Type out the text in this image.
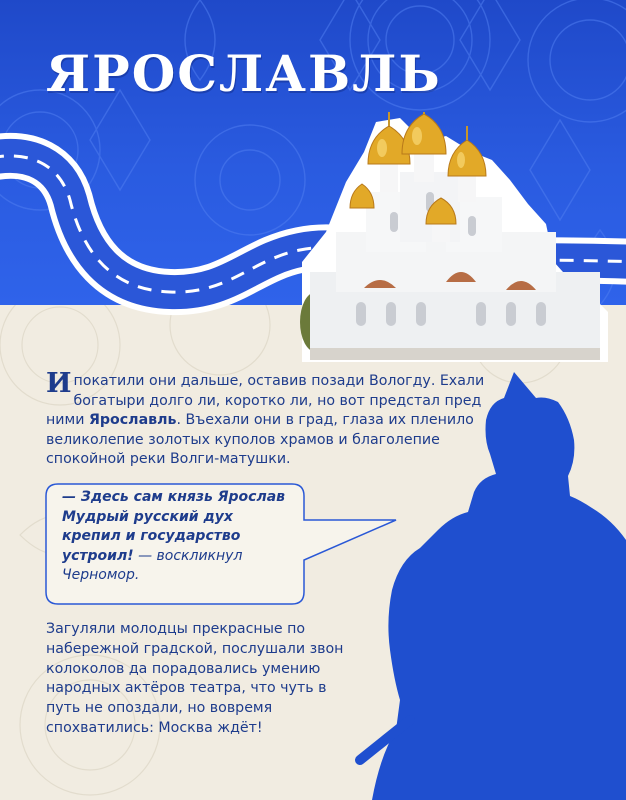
ЯРОСЛАВЛЬ

И покатили они дальше, оставив позади Вологду. Ехали богатыри долго ли, коротко ли, но вот предстал пред ними Ярославль. Въехали они в град, глаза их пленило великолепие золотых куполов храмов и благолепие спокойной реки Волги-матушки.

— Здесь сам князь Ярослав Мудрый русский дух крепил и государство устроил! — воскликнул Черномор.

Загуляли молодцы прекрасные по набережной градской, послушали звон колоколов да порадовались умению народных актёров театра, что чуть в путь не опоздали, но вовремя спохватились: Москва ждёт!
